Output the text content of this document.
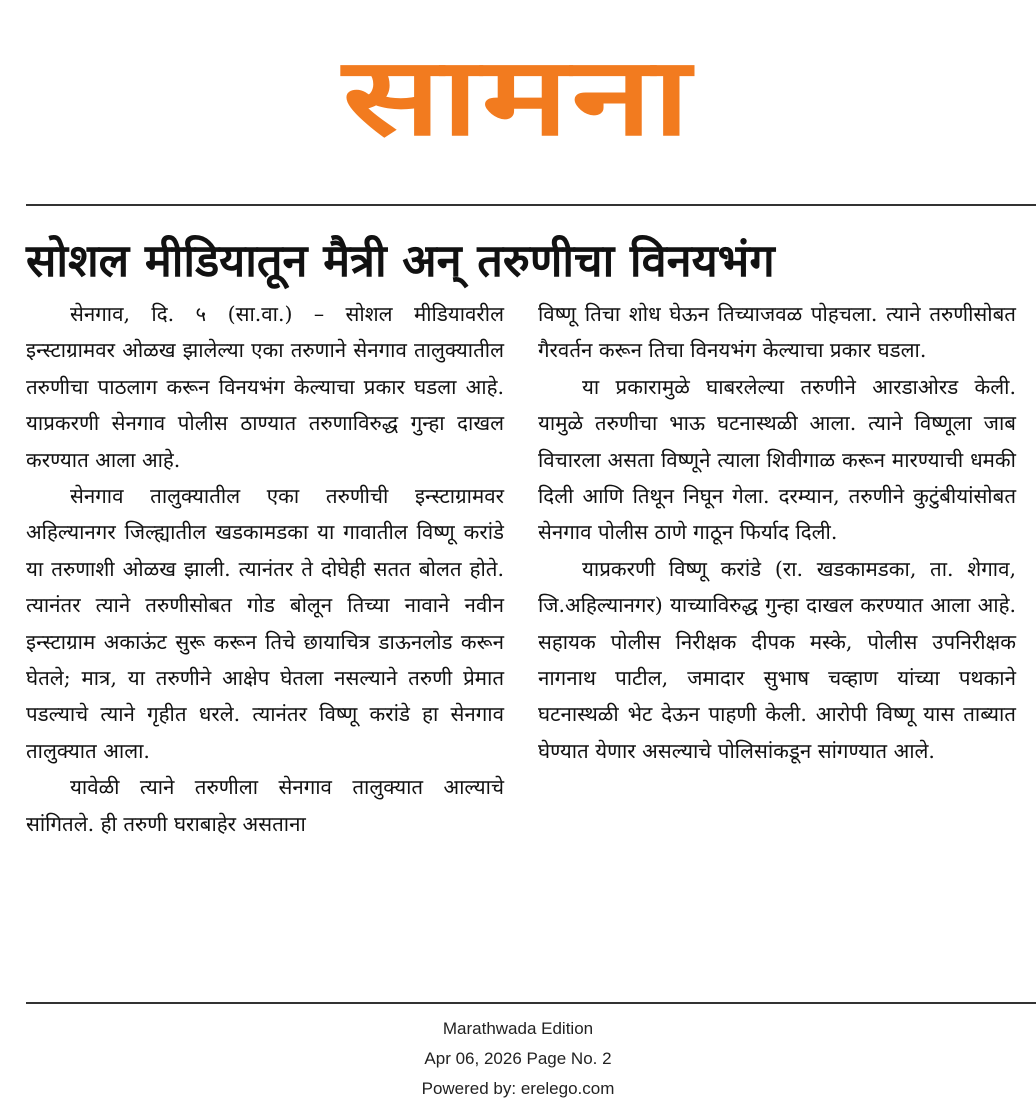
सामना
सोशल मीडियातून मैत्री अन् तरुणीचा विनयभंग

सेनगाव, दि. ५ (सा.वा.) – सोशल मीडियावरील इन्स्टाग्रामवर ओळख झालेल्या एका तरुणाने सेनगाव तालुक्यातील तरुणीचा पाठलाग करून विनयभंग केल्याचा प्रकार घडला आहे. याप्रकरणी सेनगाव पोलीस ठाण्यात तरुणाविरुद्ध गुन्हा दाखल करण्यात आला आहे.

सेनगाव तालुक्यातील एका तरुणीची इन्स्टाग्रामवर अहिल्यानगर जिल्ह्यातील खडकामडका या गावातील विष्णू करांडे या तरुणाशी ओळख झाली. त्यानंतर ते दोघेही सतत बोलत होते. त्यानंतर त्याने तरुणीसोबत गोड बोलून तिच्या नावाने नवीन इन्स्टाग्राम अकाऊंट सुरू करून तिचे छायाचित्र डाऊनलोड करून घेतले; मात्र, या तरुणीने आक्षेप घेतला नसल्याने तरुणी प्रेमात पडल्याचे त्याने गृहीत धरले. त्यानंतर विष्णू करांडे हा सेनगाव तालुक्यात आला.

यावेळी त्याने तरुणीला सेनगाव तालुक्यात आल्याचे सांगितले. ही तरुणी घराबाहेर असताना

विष्णू तिचा शोध घेऊन तिच्याजवळ पोहचला. त्याने तरुणीसोबत गैरवर्तन करून तिचा विनयभंग केल्याचा प्रकार घडला.

या प्रकारामुळे घाबरलेल्या तरुणीने आरडाओरड केली. यामुळे तरुणीचा भाऊ घटनास्थळी आला. त्याने विष्णूला जाब विचारला असता विष्णूने त्याला शिवीगाळ करून मारण्याची धमकी दिली आणि तिथून निघून गेला. दरम्यान, तरुणीने कुटुंबीयांसोबत सेनगाव पोलीस ठाणे गाठून फिर्याद दिली.

याप्रकरणी विष्णू करांडे (रा. खडकामडका, ता. शेगाव, जि.अहिल्यानगर) याच्याविरुद्ध गुन्हा दाखल करण्यात आला आहे. सहायक पोलीस निरीक्षक दीपक मस्के, पोलीस उपनिरीक्षक नागनाथ पाटील, जमादार सुभाष चव्हाण यांच्या पथकाने घटनास्थळी भेट देऊन पाहणी केली. आरोपी विष्णू यास ताब्यात घेण्यात येणार असल्याचे पोलिसांकडून सांगण्यात आले.

Marathwada Edition
Apr 06, 2026 Page No. 2
Powered by: erelego.com
